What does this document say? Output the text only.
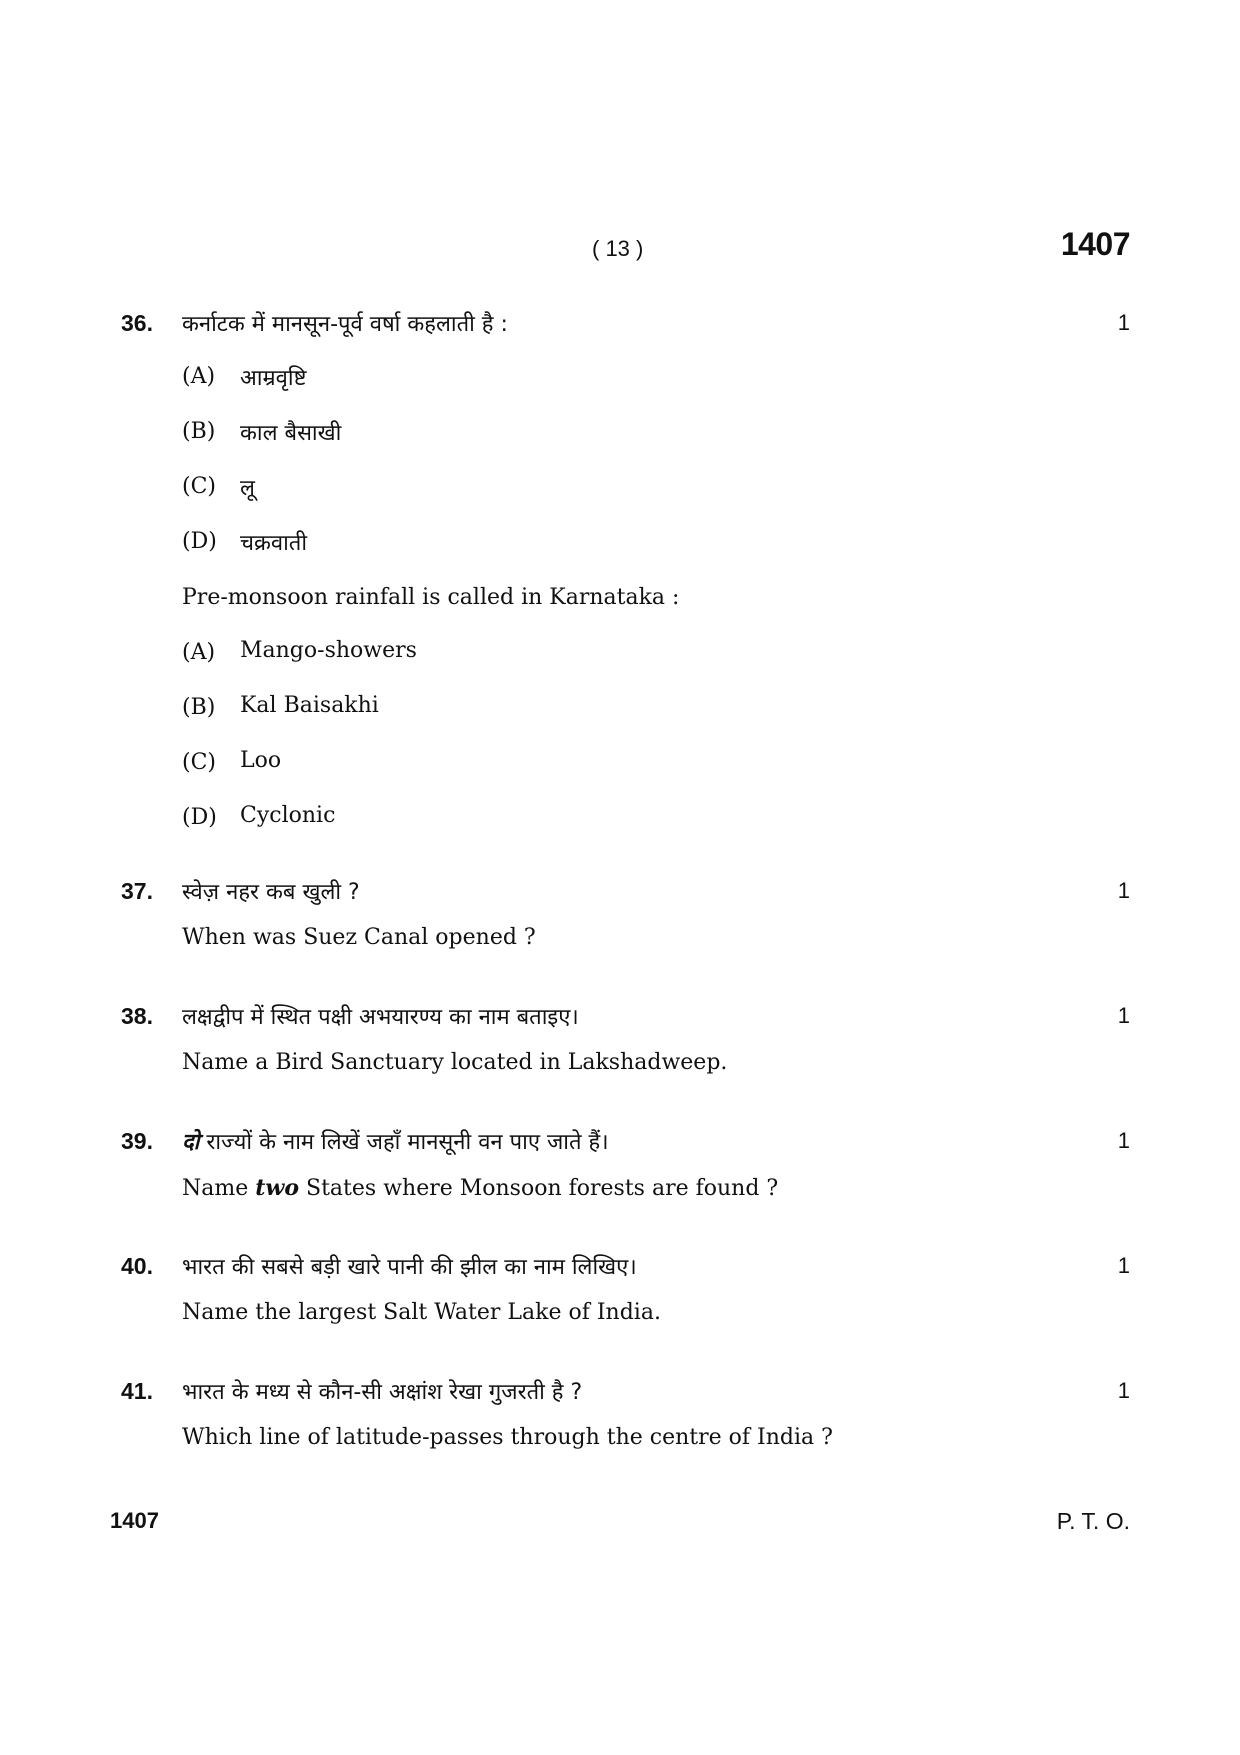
( 13 )	1407
36. कर्नाटक में मानसून-पूर्व वर्षा कहलाती है :	1
(A) आम्रवृष्टि
(B) काल बैसाखी
(C) लू
(D) चक्रवाती
Pre-monsoon rainfall is called in Karnataka :
(A) Mango-showers
(B) Kal Baisakhi
(C) Loo
(D) Cyclonic
37. स्वेज़ नहर कब खुली ?	1
When was Suez Canal opened ?
38. लक्षद्वीप में स्थित पक्षी अभयारण्य का नाम बताइए।	1
Name a Bird Sanctuary located in Lakshadweep.
39. दो राज्यों के नाम लिखें जहाँ मानसूनी वन पाए जाते हैं।	1
Name two States where Monsoon forests are found ?
40. भारत की सबसे बड़ी खारे पानी की झील का नाम लिखिए।	1
Name the largest Salt Water Lake of India.
41. भारत के मध्य से कौन-सी अक्षांश रेखा गुजरती है ?	1
Which line of latitude-passes through the centre of India ?
1407	P. T. O.
